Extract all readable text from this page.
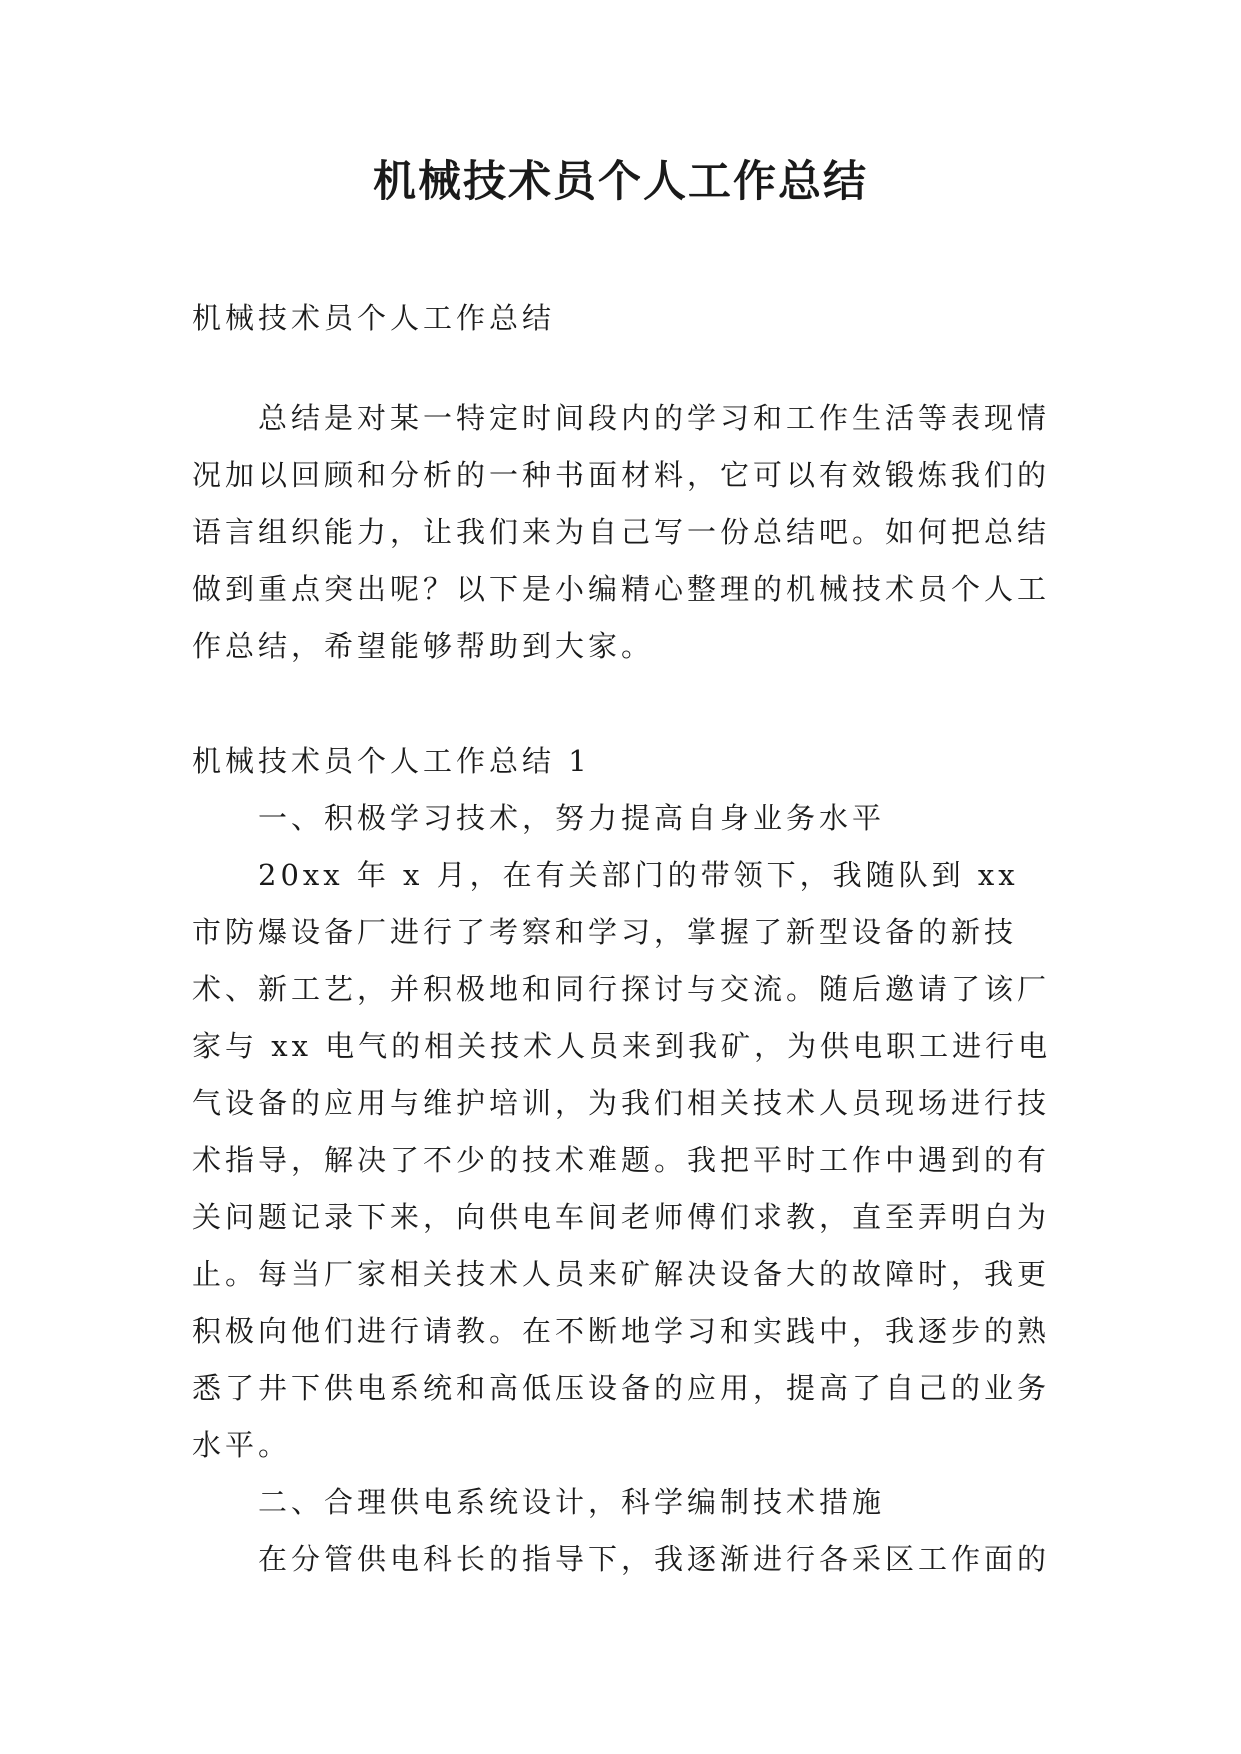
机械技术员个人工作总结

机械技术员个人工作总结

总结是对某一特定时间段内的学习和工作生活等表现情况加以回顾和分析的一种书面材料，它可以有效锻炼我们的语言组织能力，让我们来为自己写一份总结吧。如何把总结做到重点突出呢？以下是小编精心整理的机械技术员个人工作总结，希望能够帮助到大家。

机械技术员个人工作总结 1

一、积极学习技术，努力提高自身业务水平

20xx 年 x 月，在有关部门的带领下，我随队到 xx 市防爆设备厂进行了考察和学习，掌握了新型设备的新技术、新工艺，并积极地和同行探讨与交流。随后邀请了该厂家与 xx 电气的相关技术人员来到我矿，为供电职工进行电气设备的应用与维护培训，为我们相关技术人员现场进行技术指导，解决了不少的技术难题。我把平时工作中遇到的有关问题记录下来，向供电车间老师傅们求教，直至弄明白为止。每当厂家相关技术人员来矿解决设备大的故障时，我更积极向他们进行请教。在不断地学习和实践中，我逐步的熟悉了井下供电系统和高低压设备的应用，提高了自己的业务水平。

二、合理供电系统设计，科学编制技术措施

在分管供电科长的指导下，我逐渐进行各采区工作面的
